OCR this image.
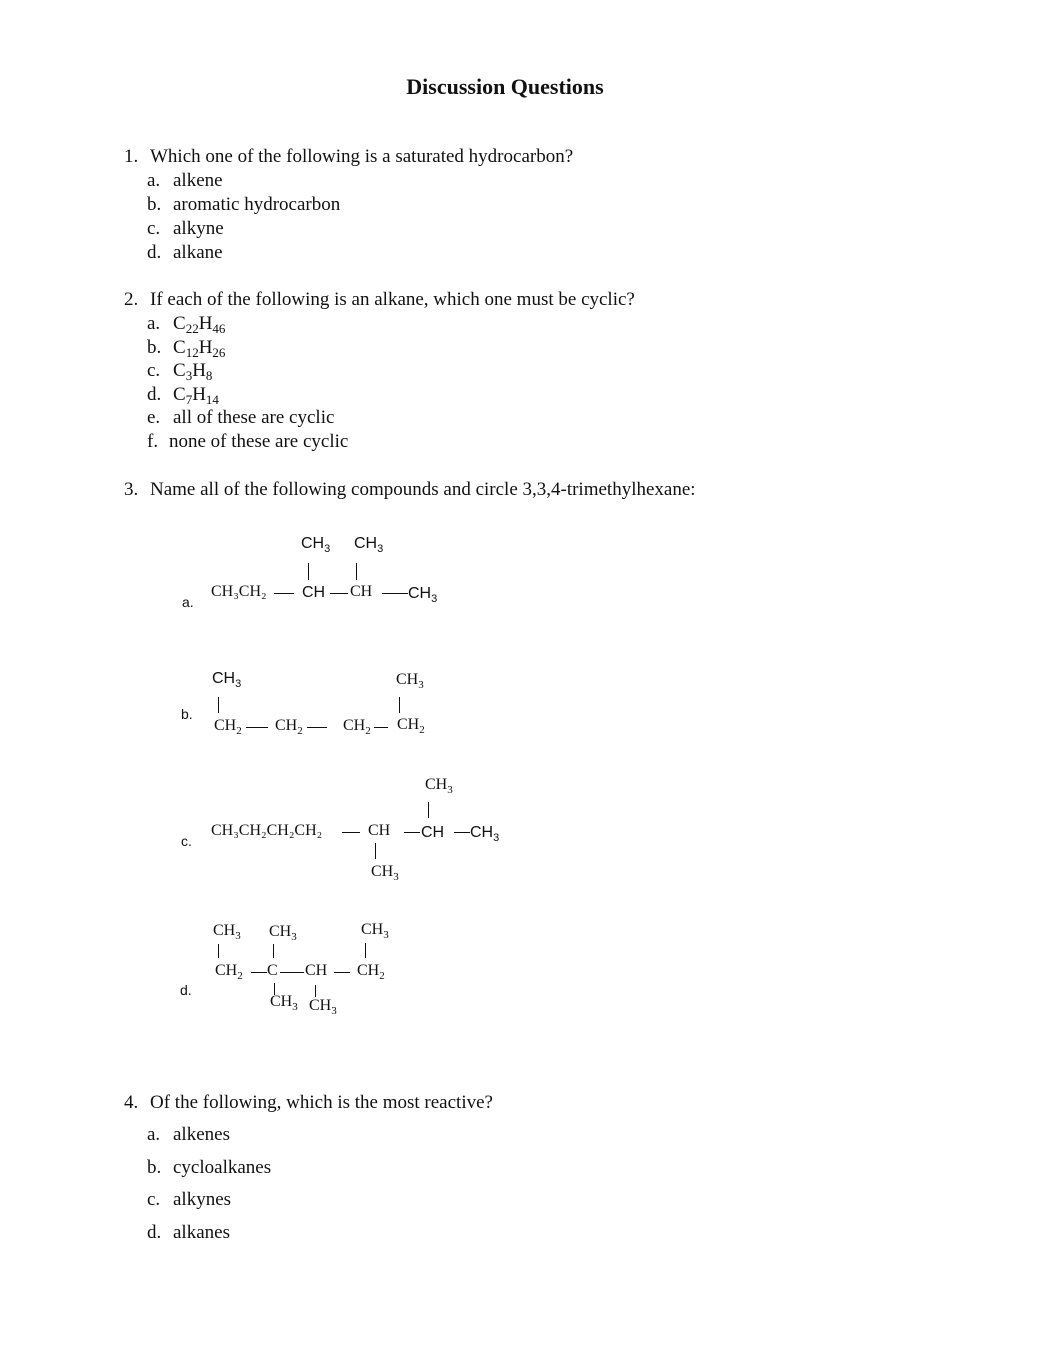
Discussion Questions
1. Which one of the following is a saturated hydrocarbon?
a. alkene
b. aromatic hydrocarbon
c. alkyne
d. alkane
2. If each of the following is an alkane, which one must be cyclic?
a. $C_{22}H_{46}$
b. $C_{12}H_{26}$
c. $C_3H_8$
d. $C_7H_{14}$
e. all of these are cyclic
f. none of these are cyclic
3. Name all of the following compounds and circle 3,3,4-trimethylhexane:
a.
$CH_3$ $CH_3$
CH₃CH₂ CH CH $CH_3$
b.
$CH_3$	$CH_3$
$CH_2$ $CH_2$	$CH_2$ $CH_2$
c.
$CH_3$
CH₃CH₂CH₂CH₂	CH CH $CH_3$
$CH_3$
d.
$CH_3$ $CH_3$	$CH_3$
$CH_2$ C CH $CH_2$
$CH_3$ $CH_3$
4. Of the following, which is the most reactive?
a. alkenes
b. cycloalkanes
c. alkynes
d. alkanes
